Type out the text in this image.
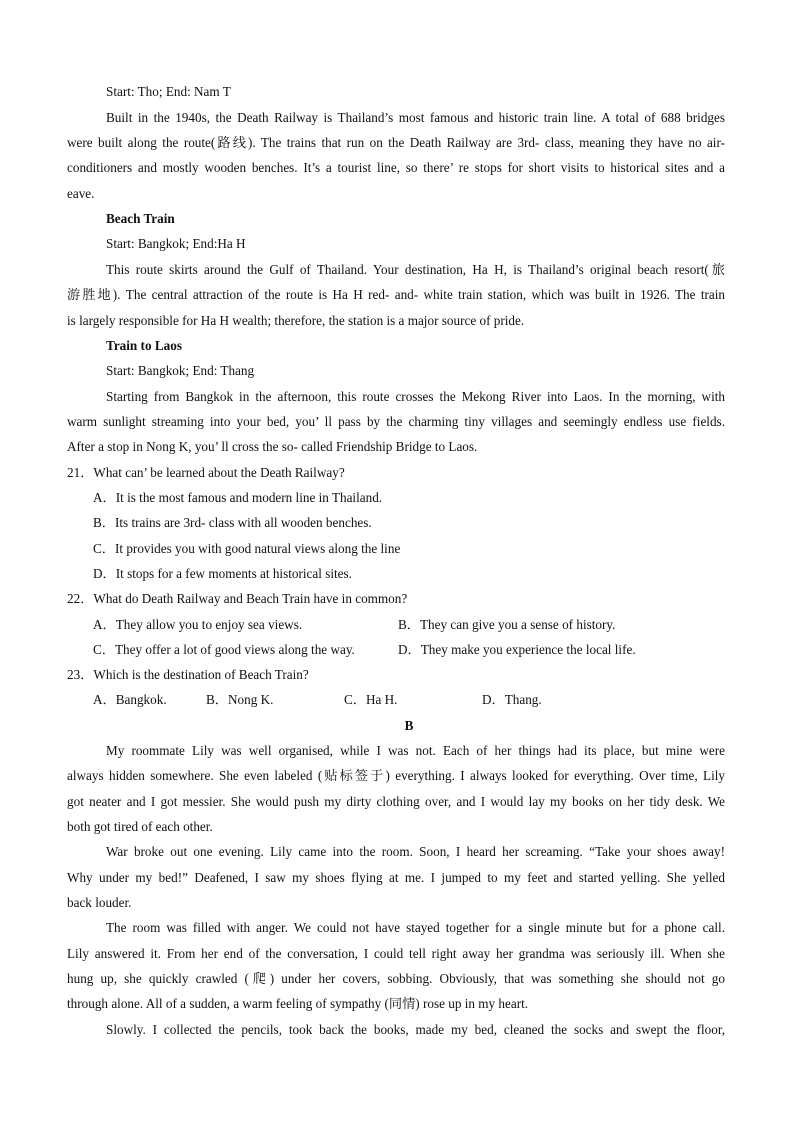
Start: Tho; End: Nam T
Built in the 1940s, the Death Railway is Thailand’s most famous and historic train line. A total of 688 bridges
were built along the route(路线). The trains that run on the Death Railway are 3rd- class, meaning they have no air-
conditioners and mostly wooden benches. It’s a tourist line, so there’ re stops for short visits to historical sites and a
eave.
Beach Train
Start: Bangkok; End:Ha H
This route skirts around the Gulf of Thailand. Your destination, Ha H, is Thailand’s original beach resort(旅
游胜地). The central attraction of the route is Ha H red- and- white train station, which was built in 1926. The train
is largely responsible for Ha H wealth; therefore, the station is a major source of pride.
Train to Laos
Start: Bangkok; End: Thang
Starting from Bangkok in the afternoon, this route crosses the Mekong River into Laos. In the morning, with
warm sunlight streaming into your bed, you’ ll pass by the charming tiny villages and seemingly endless use fields.
After a stop in Nong K, you’ ll cross the so- called Friendship Bridge to Laos.
21．What can’ be learned about the Death Railway?
A．It is the most famous and modern line in Thailand.
B．Its trains are 3rd- class with all wooden benches.
C．It provides you with good natural views along the line
D．It stops for a few moments at historical sites.
22．What do Death Railway and Beach Train have in common?
A．They allow you to enjoy sea views.	B．They can give you a sense of history.
C．They offer a lot of good views along the way.	D．They make you experience the local life.
23．Which is the destination of Beach Train?
A．Bangkok.	B．Nong K.	C．Ha H.	D．Thang.
B
My roommate Lily was well organised, while I was not. Each of her things had its place, but mine were
always hidden somewhere. She even labeled (贴标签于) everything. I always looked for everything. Over time, Lily
got neater and I got messier. She would push my dirty clothing over, and I would lay my books on her tidy desk. We
both got tired of each other.
War broke out one evening. Lily came into the room. Soon, I heard her screaming. “Take your shoes away!
Why under my bed!” Deafened, I saw my shoes flying at me. I jumped to my feet and started yelling. She yelled
back louder.
The room was filled with anger. We could not have stayed together for a single minute but for a phone call.
Lily answered it. From her end of the conversation, I could tell right away her grandma was seriously ill. When she
hung up, she quickly crawled (爬) under her covers, sobbing. Obviously, that was something she should not go
through alone. All of a sudden, a warm feeling of sympathy (同情) rose up in my heart.
Slowly. I collected the pencils, took back the books, made my bed, cleaned the socks and swept the floor,
